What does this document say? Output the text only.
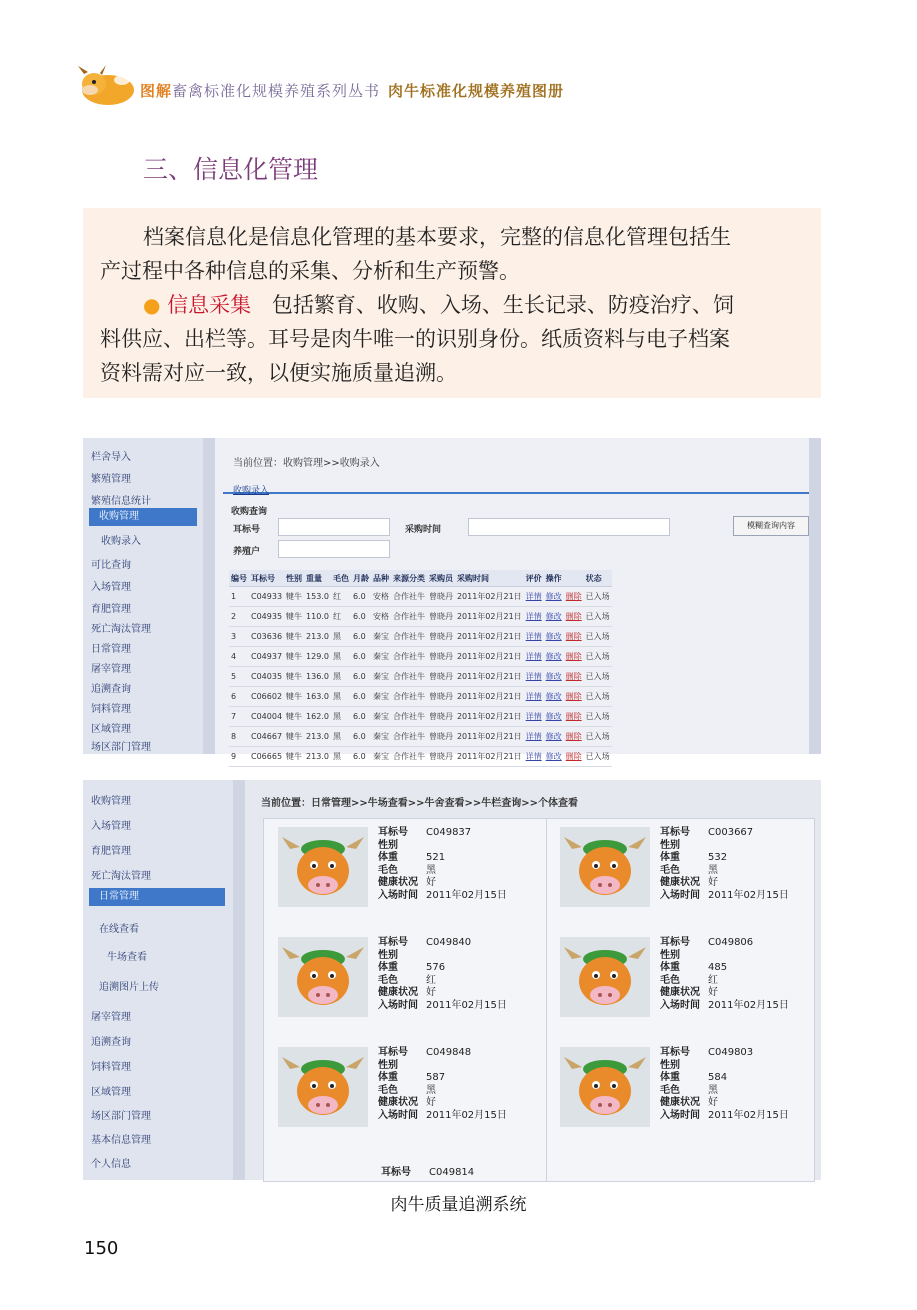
图解畜禽标准化规模养殖系列丛书 肉牛标准化规模养殖图册
三、信息化管理
档案信息化是信息化管理的基本要求，完整的信息化管理包括生
产过程中各种信息的采集、分析和生产预警。
● 信息采集 包括繁育、收购、入场、生长记录、防疫治疗、饲
料供应、出栏等。耳号是肉牛唯一的识别身份。纸质资料与电子档案
资料需对应一致，以便实施质量追溯。
栏舍导入
繁殖管理
繁殖信息统计
收购管理
收购录入
可比查询
入场管理
育肥管理
死亡淘汰管理
日常管理
屠宰管理
追溯查询
饲料管理
区域管理
场区部门管理
当前位置：收购管理>>收购录入
收购录入
收购查询
耳标号	采购时间	模糊查询内容
养殖户
编号	耳标号	性别	重量	毛色	月龄	品种	来源分类	采购员	采购时间	评价	操作		状态
1	C04933	犍牛	153.0	红	6.0	安格	合作社牛	曾晓丹	2011年02月21日	详情	修改	删除	已入场
2	C04935	犍牛	110.0	红	6.0	安格	合作社牛	曾晓丹	2011年02月21日	详情	修改	删除	已入场
3	C03636	犍牛	213.0	黑	6.0	秦宝	合作社牛	曾晓丹	2011年02月21日	详情	修改	删除	已入场
4	C04937	犍牛	129.0	黑	6.0	秦宝	合作社牛	曾晓丹	2011年02月21日	详情	修改	删除	已入场
5	C04035	犍牛	136.0	黑	6.0	秦宝	合作社牛	曾晓丹	2011年02月21日	详情	修改	删除	已入场
6	C06602	犍牛	163.0	黑	6.0	秦宝	合作社牛	曾晓丹	2011年02月21日	详情	修改	删除	已入场
7	C04004	犍牛	162.0	黑	6.0	秦宝	合作社牛	曾晓丹	2011年02月21日	详情	修改	删除	已入场
8	C04667	犍牛	213.0	黑	6.0	秦宝	合作社牛	曾晓丹	2011年02月21日	详情	修改	删除	已入场
9	C06665	犍牛	213.0	黑	6.0	秦宝	合作社牛	曾晓丹	2011年02月21日	详情	修改	删除	已入场
收购管理
入场管理
育肥管理
死亡淘汰管理
日常管理
在线查看
牛场查看
追溯图片上传
屠宰管理
追溯查询
饲料管理
区域管理
场区部门管理
基本信息管理
个人信息
当前位置：日常管理>>牛场查看>>牛舍查看>>牛栏查询>>个体查看
耳标号 C049837
性别
体重	521
毛色	黑
健康状况 好
入场时间 2011年02月15日
耳标号 C003667
性别
体重	532
毛色	黑
健康状况 好
入场时间 2011年02月15日
耳标号 C049840
性别
体重	576
毛色	红
健康状况 好
入场时间 2011年02月15日
耳标号 C049806
性别
体重	485
毛色	红
健康状况 好
入场时间 2011年02月15日
耳标号 C049848
性别
体重	587
毛色	黑
健康状况 好
入场时间 2011年02月15日
耳标号 C049803
性别
体重	584
毛色	黑
健康状况 好
入场时间 2011年02月15日
耳标号 C049814
肉牛质量追溯系统
150
